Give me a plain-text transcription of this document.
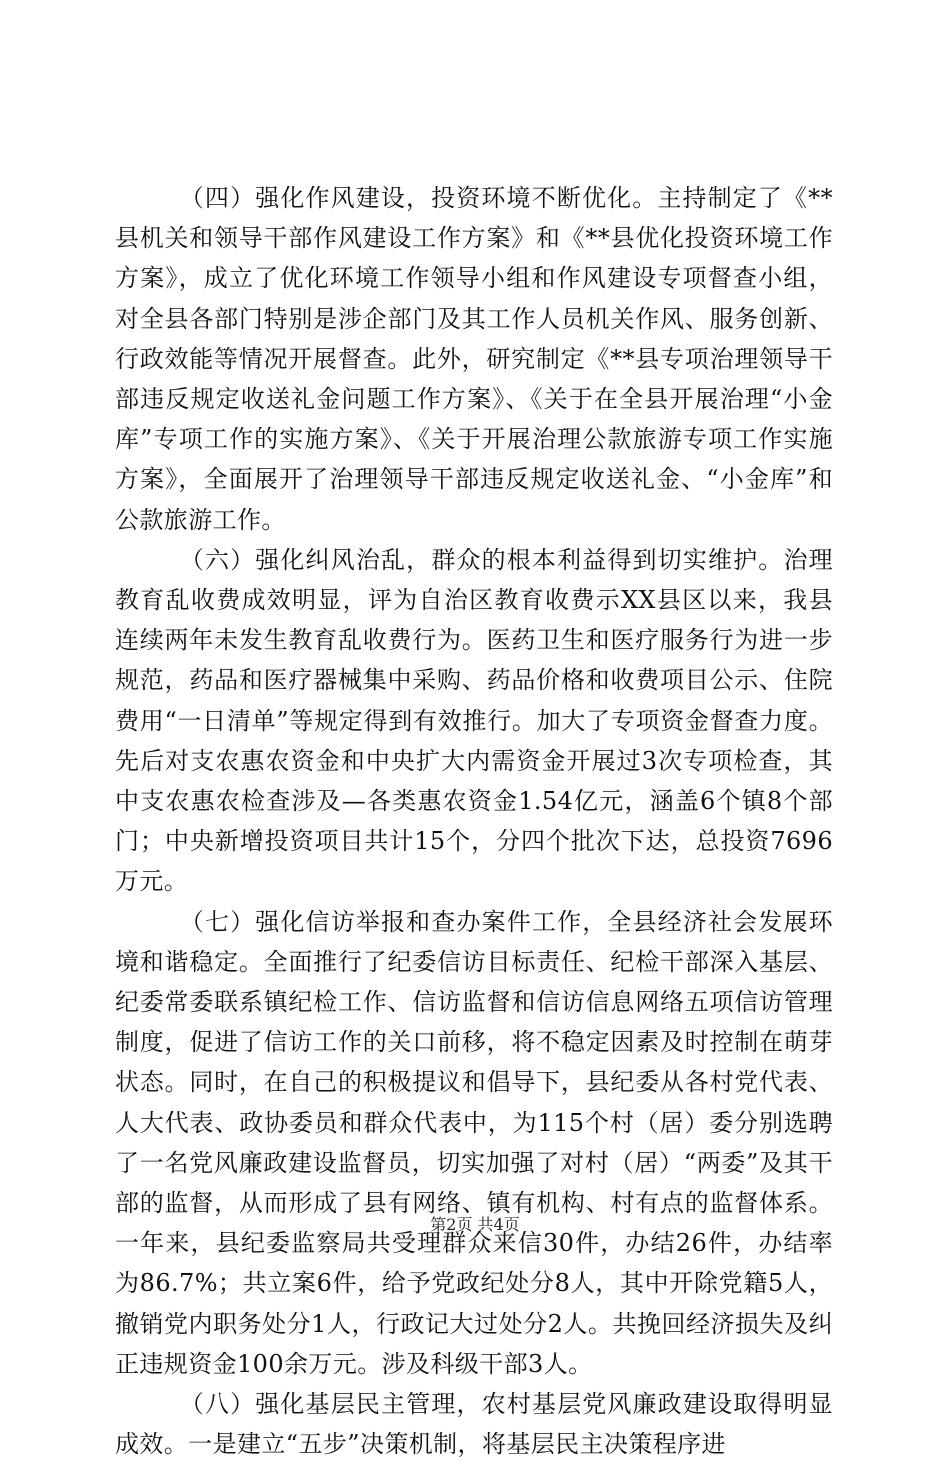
（四）强化作风建设，投资环境不断优化。主持制定了《**县机关和领导干部作风建设工作方案》和《**县优化投资环境工作方案》，成立了优化环境工作领导小组和作风建设专项督查小组，对全县各部门特别是涉企部门及其工作人员机关作风、服务创新、行政效能等情况开展督查。此外，研究制定《**县专项治理领导干部违反规定收送礼金问题工作方案》、《关于在全县开展治理“小金库”专项工作的实施方案》、《关于开展治理公款旅游专项工作实施方案》，全面展开了治理领导干部违反规定收送礼金、“小金库”和公款旅游工作。

（六）强化纠风治乱，群众的根本利益得到切实维护。治理教育乱收费成效明显，评为自治区教育收费示XX县区以来，我县连续两年未发生教育乱收费行为。医药卫生和医疗服务行为进一步规范，药品和医疗器械集中采购、药品价格和收费项目公示、住院费用“一日清单”等规定得到有效推行。加大了专项资金督查力度。先后对支农惠农资金和中央扩大内需资金开展过3次专项检查，其中支农惠农检查涉及—各类惠农资金1.54亿元，涵盖6个镇8个部门；中央新增投资项目共计15个，分四个批次下达，总投资7696万元。

（七）强化信访举报和查办案件工作，全县经济社会发展环境和谐稳定。全面推行了纪委信访目标责任、纪检干部深入基层、纪委常委联系镇纪检工作、信访监督和信访信息网络五项信访管理制度，促进了信访工作的关口前移，将不稳定因素及时控制在萌芽状态。同时，在自己的积极提议和倡导下，县纪委从各村党代表、人大代表、政协委员和群众代表中，为115个村（居）委分别选聘了一名党风廉政建设监督员，切实加强了对村（居）“两委”及其干部的监督，从而形成了县有网络、镇有机构、村有点的监督体系。一年来，县纪委监察局共受理群众来信30件，办结26件，办结率为86.7%；共立案6件，给予党政纪处分8人，其中开除党籍5人，撤销党内职务处分1人，行政记大过处分2人。共挽回经济损失及纠正违规资金100余万元。涉及科级干部3人。

（八）强化基层民主管理，农村基层党风廉政建设取得明显成效。一是建立“五步”决策机制，将基层民主决策程序进

第2页 共4页
